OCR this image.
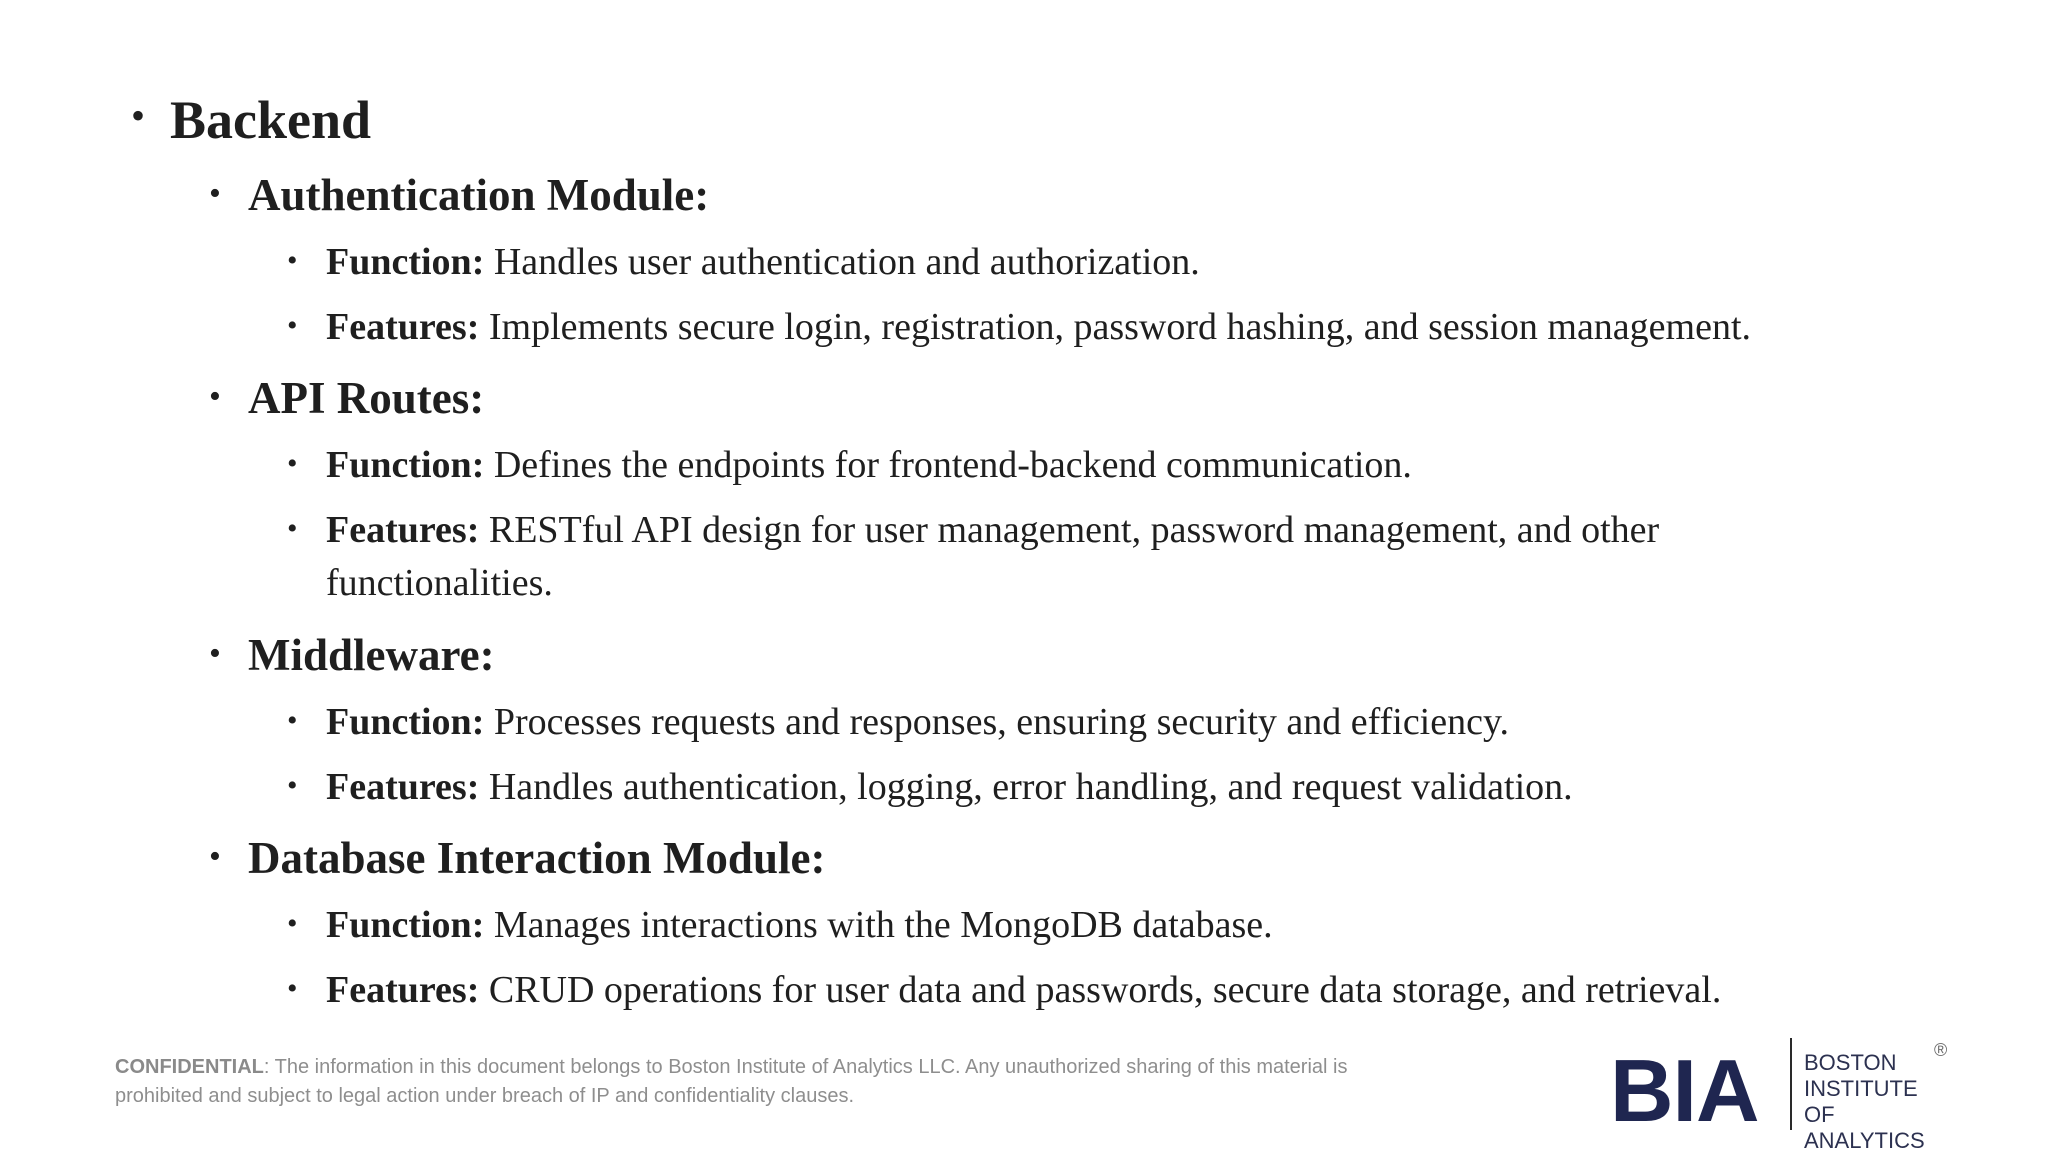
• Backend
• Authentication Module:
• Function: Handles user authentication and authorization.
• Features: Implements secure login, registration, password hashing, and session management.
• API Routes:
• Function: Defines the endpoints for frontend-backend communication.
• Features: RESTful API design for user management, password management, and other
functionalities.
• Middleware:
• Function: Processes requests and responses, ensuring security and efficiency.
• Features: Handles authentication, logging, error handling, and request validation.
• Database Interaction Module:
• Function: Manages interactions with the MongoDB database.
• Features: CRUD operations for user data and passwords, secure data storage, and retrieval.
CONFIDENTIAL: The information in this document belongs to Boston Institute of Analytics LLC. Any unauthorized sharing of this material is prohibited and subject to legal action under breach of IP and confidentiality clauses.	BIA BOSTON
INSTITUTE OF
ANALYTICS
®
